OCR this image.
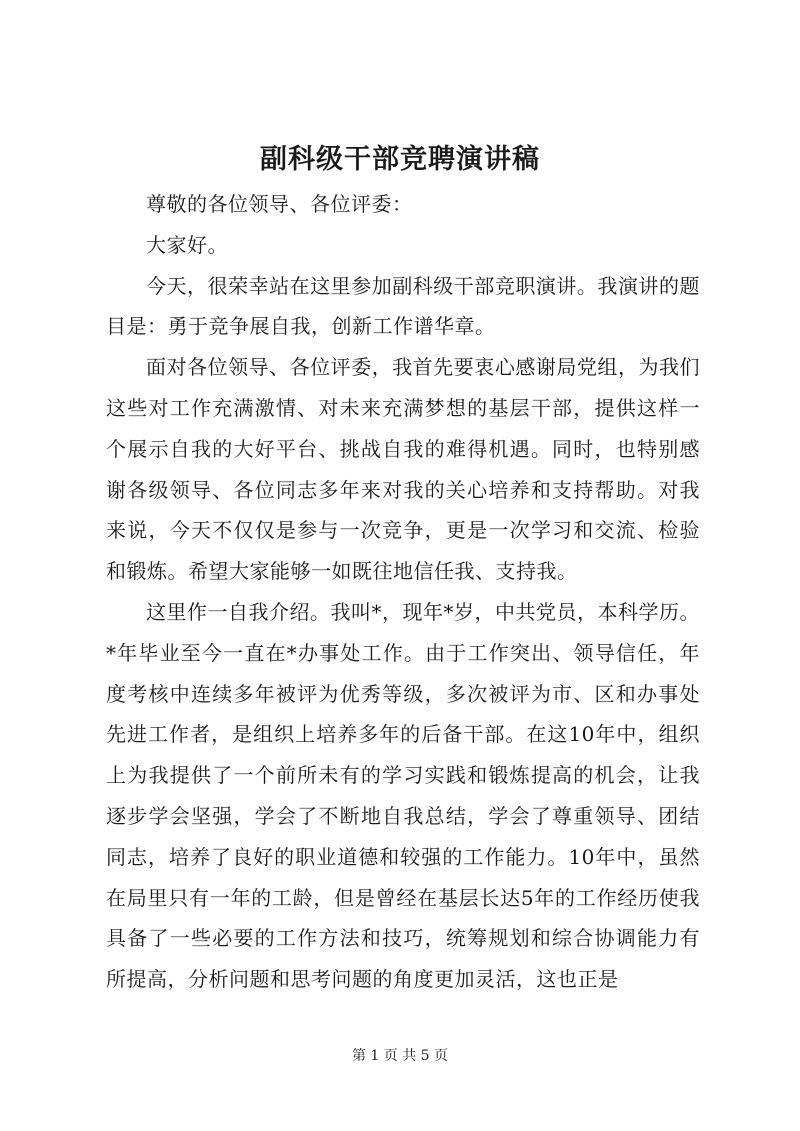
副科级干部竞聘演讲稿

尊敬的各位领导、各位评委：

大家好。

今天，很荣幸站在这里参加副科级干部竞职演讲。我演讲的题目是：勇于竞争展自我，创新工作谱华章。

面对各位领导、各位评委，我首先要衷心感谢局党组，为我们这些对工作充满激情、对未来充满梦想的基层干部，提供这样一个展示自我的大好平台、挑战自我的难得机遇。同时，也特别感谢各级领导、各位同志多年来对我的关心培养和支持帮助。对我来说，今天不仅仅是参与一次竞争，更是一次学习和交流、检验和锻炼。希望大家能够一如既往地信任我、支持我。

这里作一自我介绍。我叫*，现年*岁，中共党员，本科学历。*年毕业至今一直在*办事处工作。由于工作突出、领导信任，年度考核中连续多年被评为优秀等级，多次被评为市、区和办事处先进工作者，是组织上培养多年的后备干部。在这10年中，组织上为我提供了一个前所未有的学习实践和锻炼提高的机会，让我逐步学会坚强，学会了不断地自我总结，学会了尊重领导、团结同志，培养了良好的职业道德和较强的工作能力。10年中，虽然在局里只有一年的工龄，但是曾经在基层长达5年的工作经历使我具备了一些必要的工作方法和技巧，统筹规划和综合协调能力有所提高，分析问题和思考问题的角度更加灵活，这也正是

第 1 页 共 5 页
